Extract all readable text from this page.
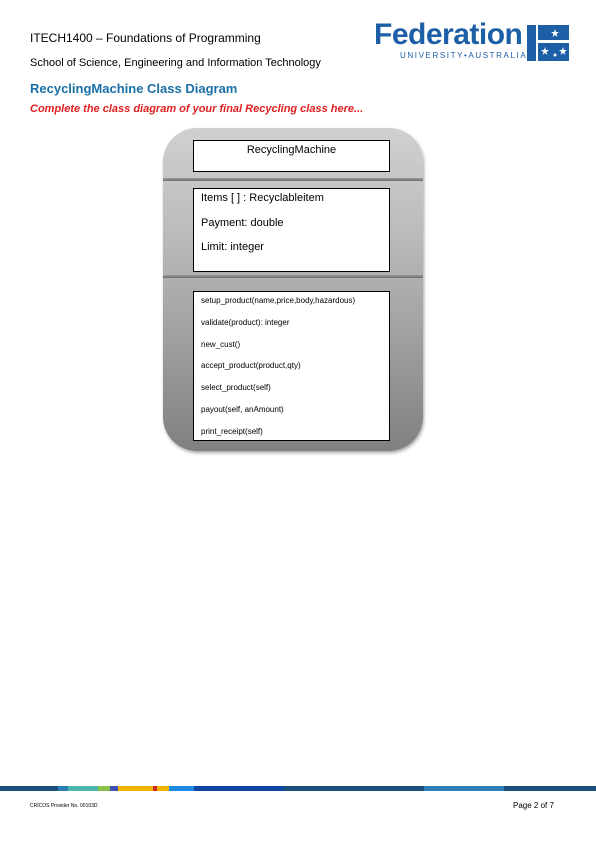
ITECH1400 – Foundations of Programming
School of Science, Engineering and Information Technology
Federation
UNIVERSITY•AUSTRALIA
RecyclingMachine Class Diagram
Complete the class diagram of your final Recycling class here...
RecyclingMachine
Items [ ] : Recyclableitem
Payment: double
Limit: integer
setup_product(name,price,body,hazardous)
validate(product): integer
new_cust()
accept_product(product,qty)
select_product(self)
payout(self, anAmount)
print_receipt(self)
CRICOS Provider No. 00103D	Page 2 of 7
